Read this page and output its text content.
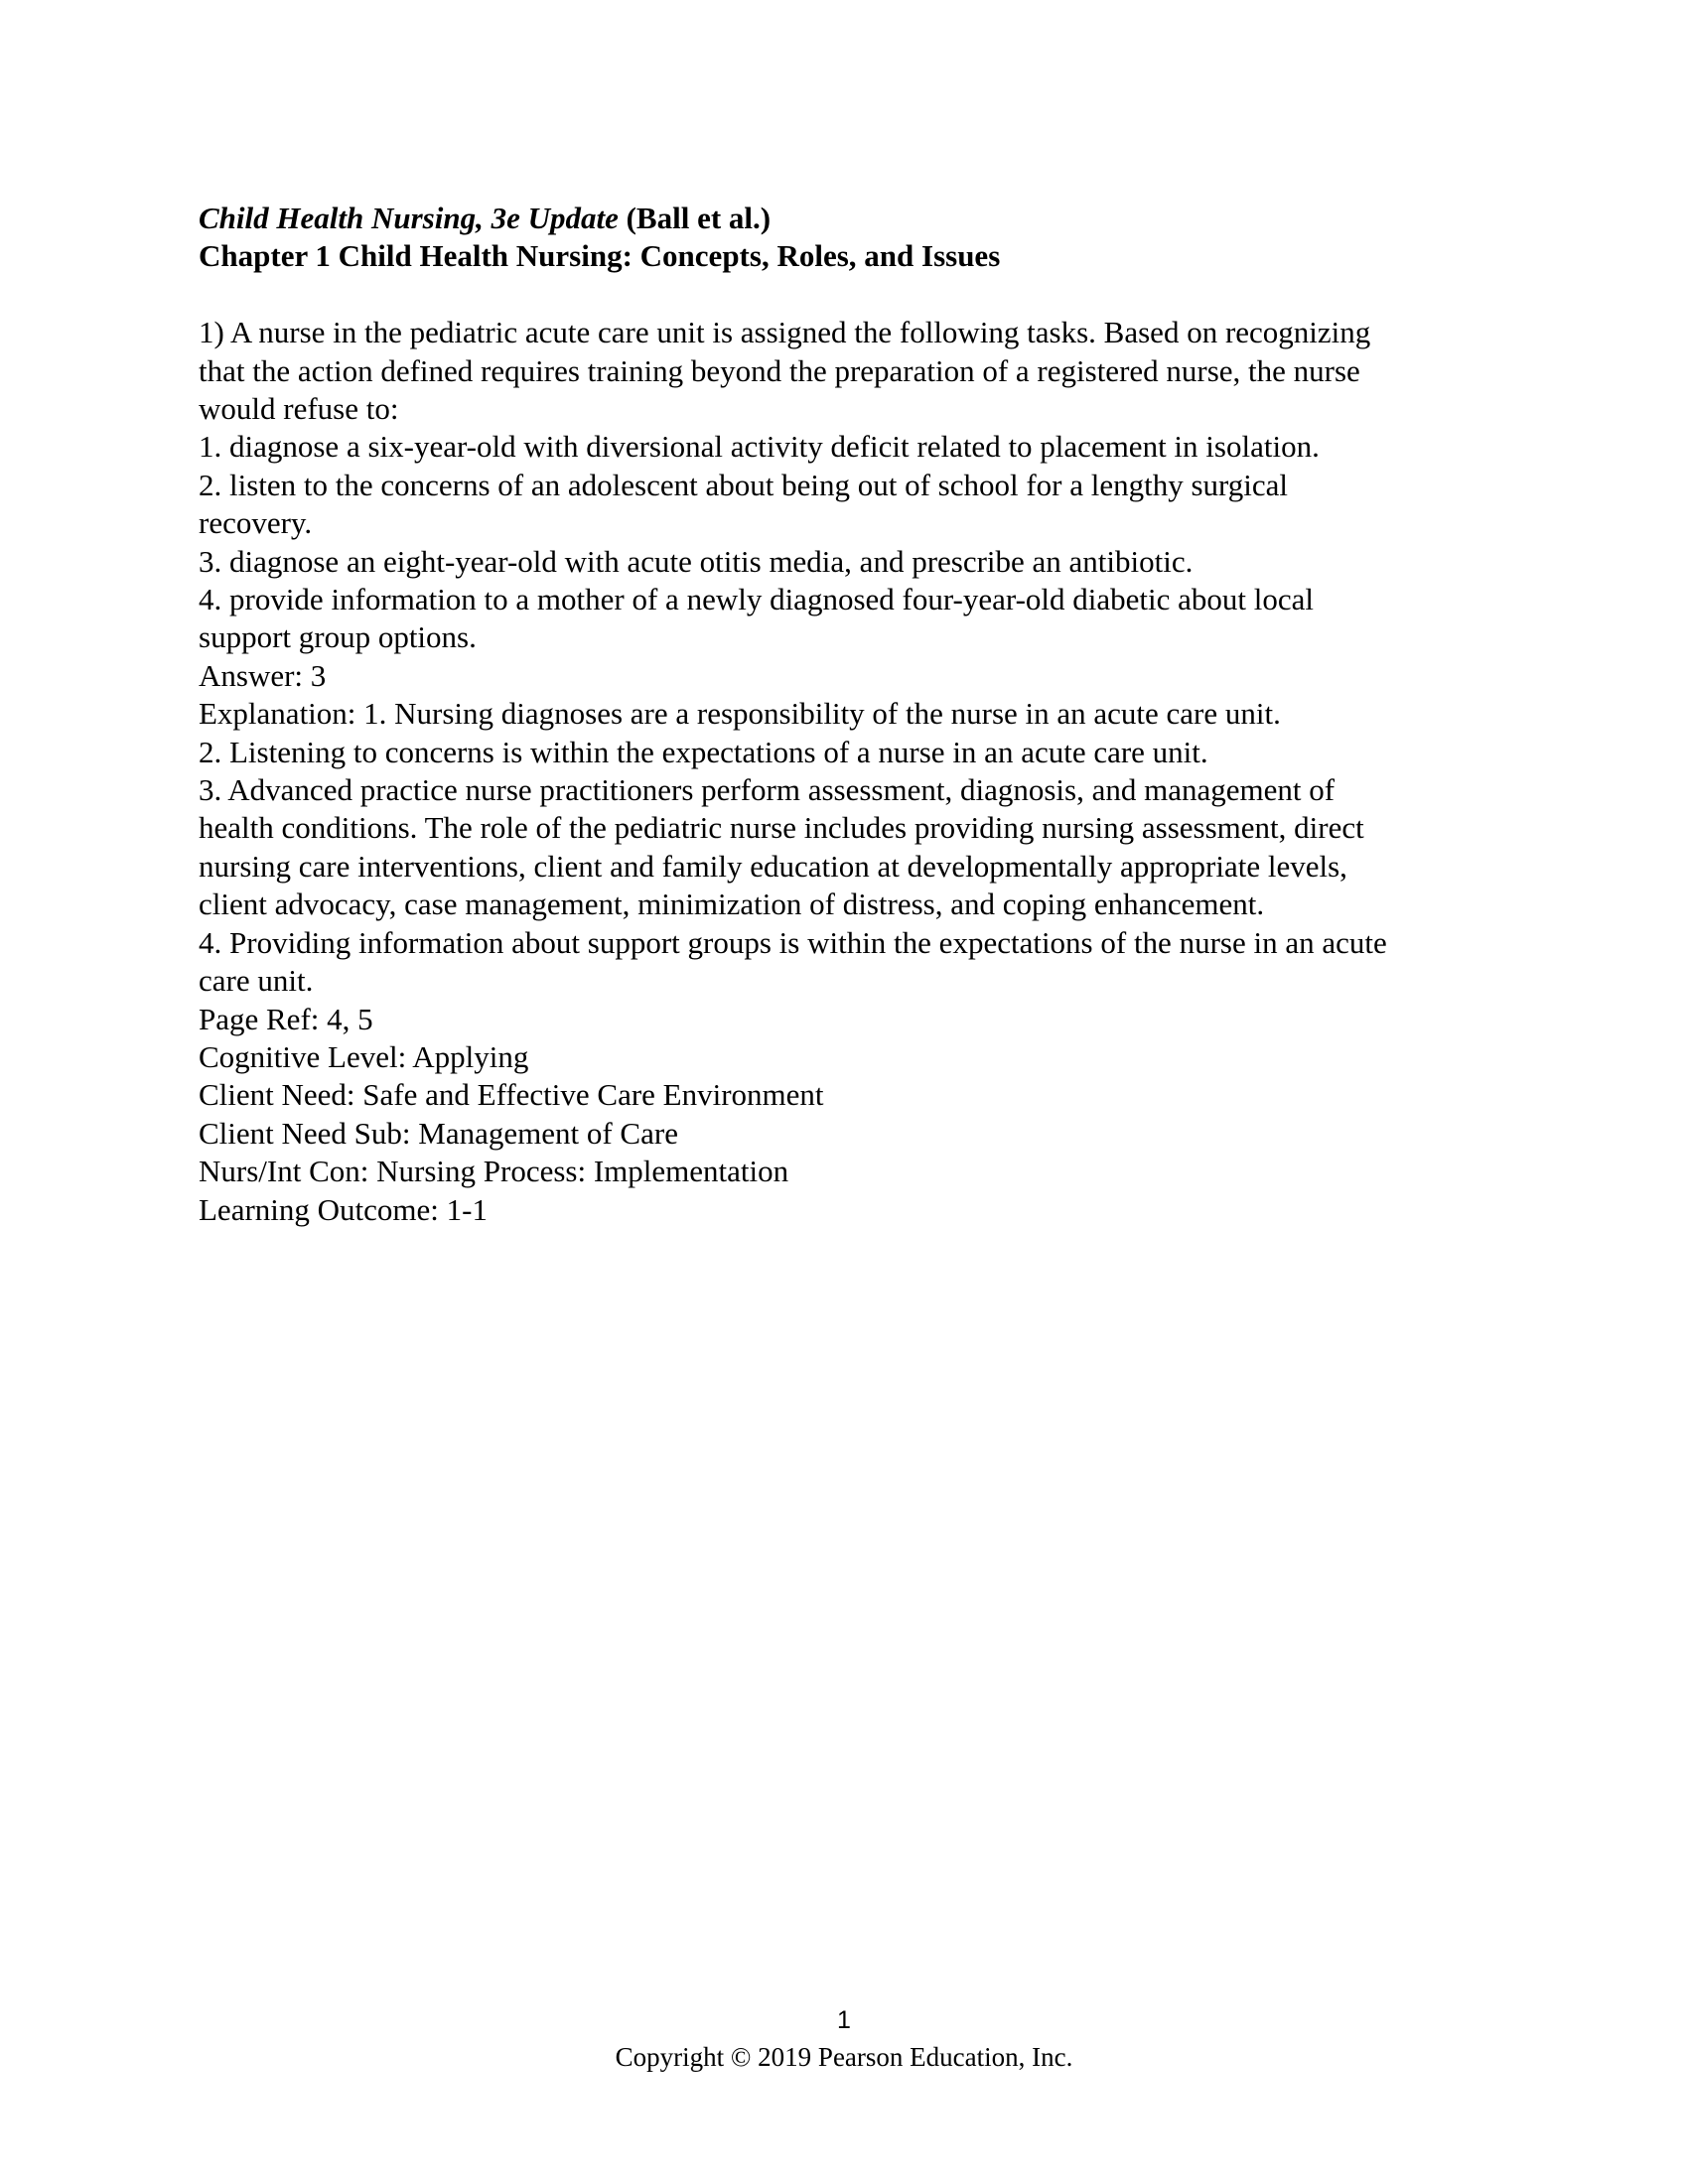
Child Health Nursing, 3e Update (Ball et al.)

Chapter 1 Child Health Nursing: Concepts, Roles, and Issues

1) A nurse in the pediatric acute care unit is assigned the following tasks. Based on recognizing

that the action defined requires training beyond the preparation of a registered nurse, the nurse

would refuse to:

1. diagnose a six-year-old with diversional activity deficit related to placement in isolation.

2. listen to the concerns of an adolescent about being out of school for a lengthy surgical

recovery.

3. diagnose an eight-year-old with acute otitis media, and prescribe an antibiotic.

4. provide information to a mother of a newly diagnosed four-year-old diabetic about local

support group options.

Answer: 3

Explanation: 1. Nursing diagnoses are a responsibility of the nurse in an acute care unit.

2. Listening to concerns is within the expectations of a nurse in an acute care unit.

3. Advanced practice nurse practitioners perform assessment, diagnosis, and management of

health conditions. The role of the pediatric nurse includes providing nursing assessment, direct

nursing care interventions, client and family education at developmentally appropriate levels,

client advocacy, case management, minimization of distress, and coping enhancement.

4. Providing information about support groups is within the expectations of the nurse in an acute

care unit.

Page Ref: 4, 5

Cognitive Level: Applying

Client Need: Safe and Effective Care Environment

Client Need Sub: Management of Care

Nurs/Int Con: Nursing Process: Implementation

Learning Outcome: 1-1

1
Copyright © 2019 Pearson Education, Inc.
